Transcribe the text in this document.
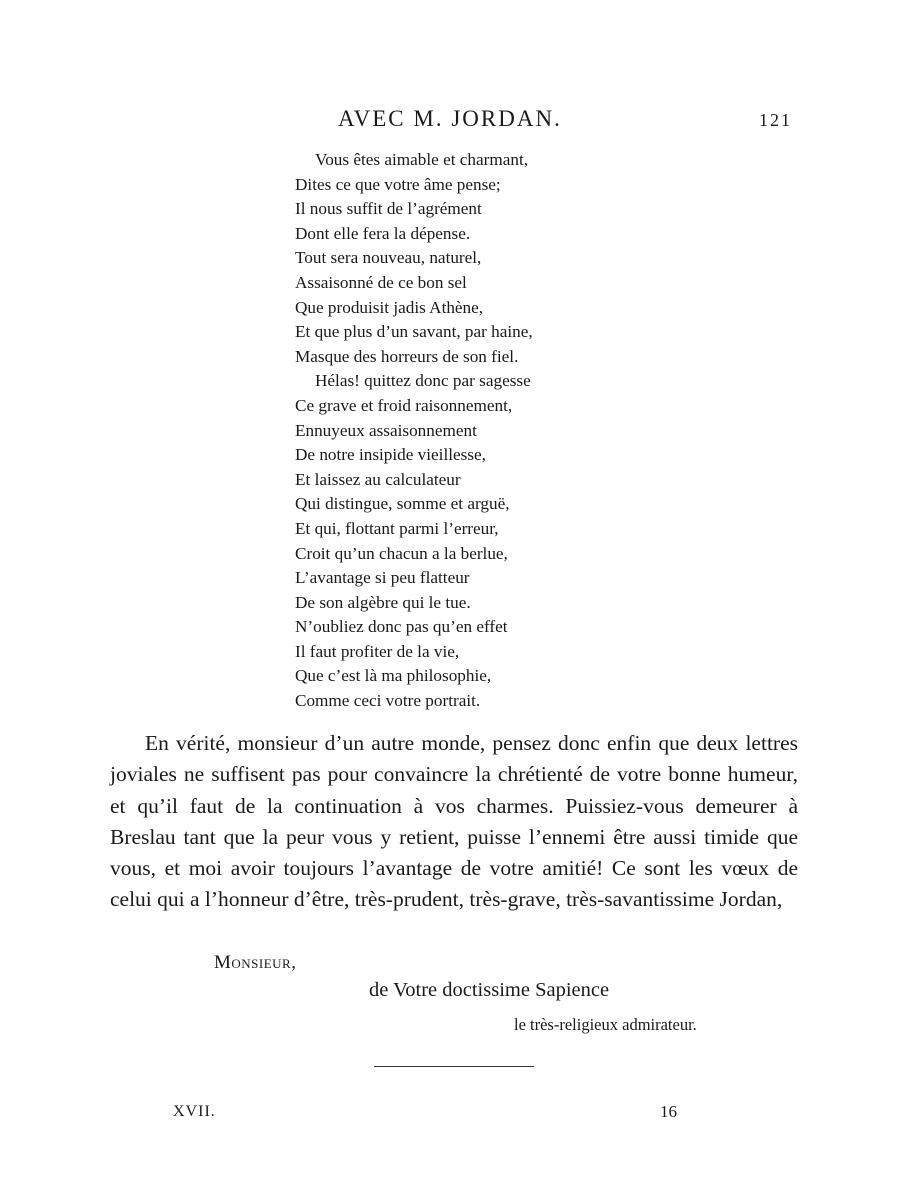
AVEC M. JORDAN.	121
Vous êtes aimable et charmant,
Dites ce que votre âme pense;
Il nous suffit de l’agrément
Dont elle fera la dépense.
Tout sera nouveau, naturel,
Assaisonné de ce bon sel
Que produisit jadis Athène,
Et que plus d’un savant, par haine,
Masque des horreurs de son fiel.
Hélas! quittez donc par sagesse
Ce grave et froid raisonnement,
Ennuyeux assaisonnement
De notre insipide vieillesse,
Et laissez au calculateur
Qui distingue, somme et arguë,
Et qui, flottant parmi l’erreur,
Croit qu’un chacun a la berlue,
L’avantage si peu flatteur
De son algèbre qui le tue.
N’oubliez donc pas qu’en effet
Il faut profiter de la vie,
Que c’est là ma philosophie,
Comme ceci votre portrait.

En vérité, monsieur d’un autre monde, pensez donc enfin que deux lettres joviales ne suffisent pas pour convaincre la chrétienté de votre bonne humeur, et qu’il faut de la continuation à vos charmes. Puissiez-vous demeurer à Breslau tant que la peur vous y retient, puisse l’ennemi être aussi timide que vous, et moi avoir toujours l’avantage de votre amitié! Ce sont les vœux de celui qui a l’honneur d’être, très-prudent, très-grave, très-savantissime Jordan,

Monsieur,
de Votre doctissime Sapience
le très-religieux admirateur.
XVII.	16
